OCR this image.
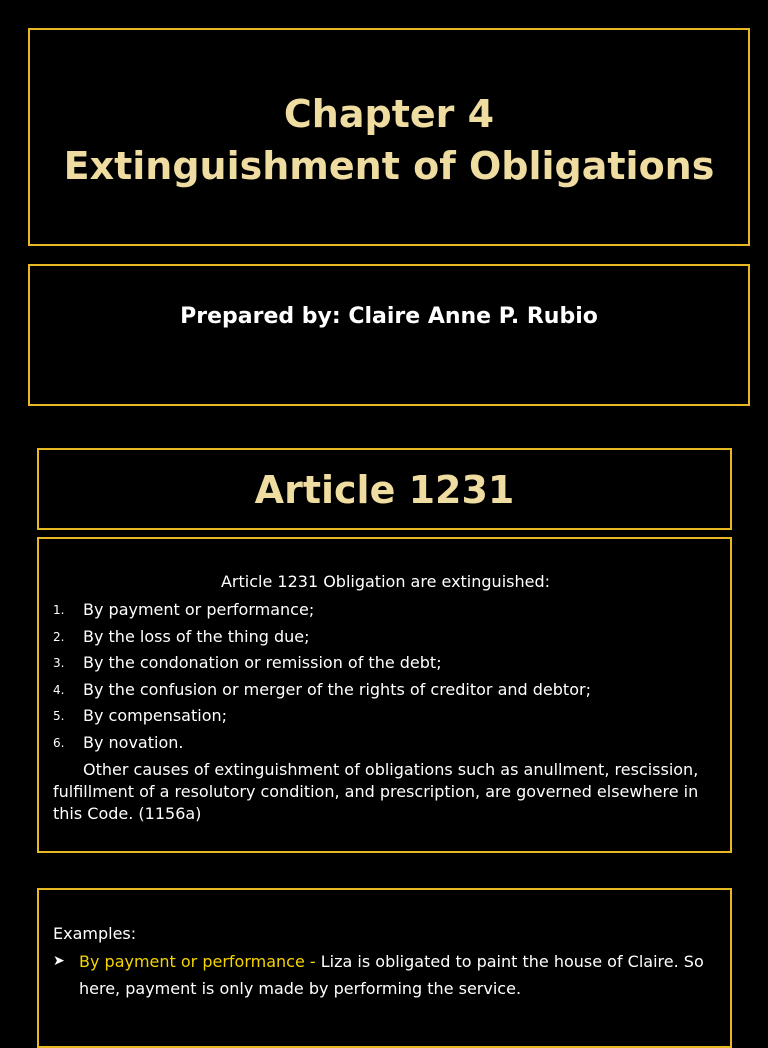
Chapter 4
Extinguishment of Obligations
Prepared by: Claire Anne P. Rubio
Article 1231
Article 1231 Obligation are extinguished:
1. By payment or performance;
2. By the loss of the thing due;
3. By the condonation or remission of the debt;
4. By the confusion or merger of the rights of creditor and debtor;
5. By compensation;
6. By novation.
Other causes of extinguishment of obligations such as anullment, rescission, fulfillment of a resolutory condition, and prescription, are governed elsewhere in this Code. (1156a)
Examples:
➤ By payment or performance - Liza is obligated to paint the house of Claire. So here, payment is only made by performing the service.
